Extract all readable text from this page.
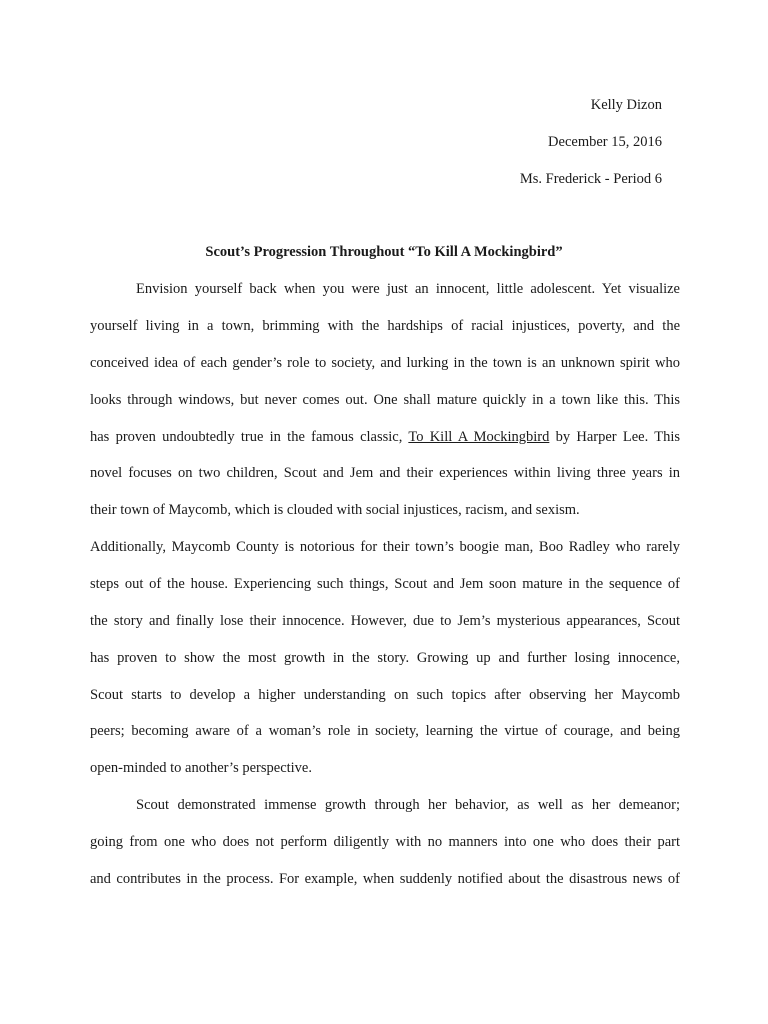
Kelly Dizon
December 15, 2016
Ms. Frederick - Period 6
Scout’s Progression Throughout “To Kill A Mockingbird”
Envision yourself back when you were just an innocent, little adolescent. Yet visualize
yourself living in a town, brimming with the hardships of racial injustices, poverty, and the
conceived idea of each gender’s role to society, and lurking in the town is an unknown spirit who
looks through windows, but never comes out. One shall mature quickly in a town like this. This
has proven undoubtedly true in the famous classic, To Kill A Mockingbird by Harper Lee. This
novel focuses on two children, Scout and Jem and their experiences within living three years in
their town of Maycomb, which is clouded with social injustices, racism, and sexism.
Additionally, Maycomb County is notorious for their town’s boogie man, Boo Radley who rarely
steps out of the house. Experiencing such things, Scout and Jem soon mature in the sequence of
the story and finally lose their innocence. However, due to Jem’s mysterious appearances, Scout
has proven to show the most growth in the story. Growing up and further losing innocence,
Scout starts to develop a higher understanding on such topics after observing her Maycomb
peers; becoming aware of a woman’s role in society, learning the virtue of courage, and being
open-minded to another’s perspective.
Scout demonstrated immense growth through her behavior, as well as her demeanor;
going from one who does not perform diligently with no manners into one who does their part
and contributes in the process. For example, when suddenly notified about the disastrous news of
